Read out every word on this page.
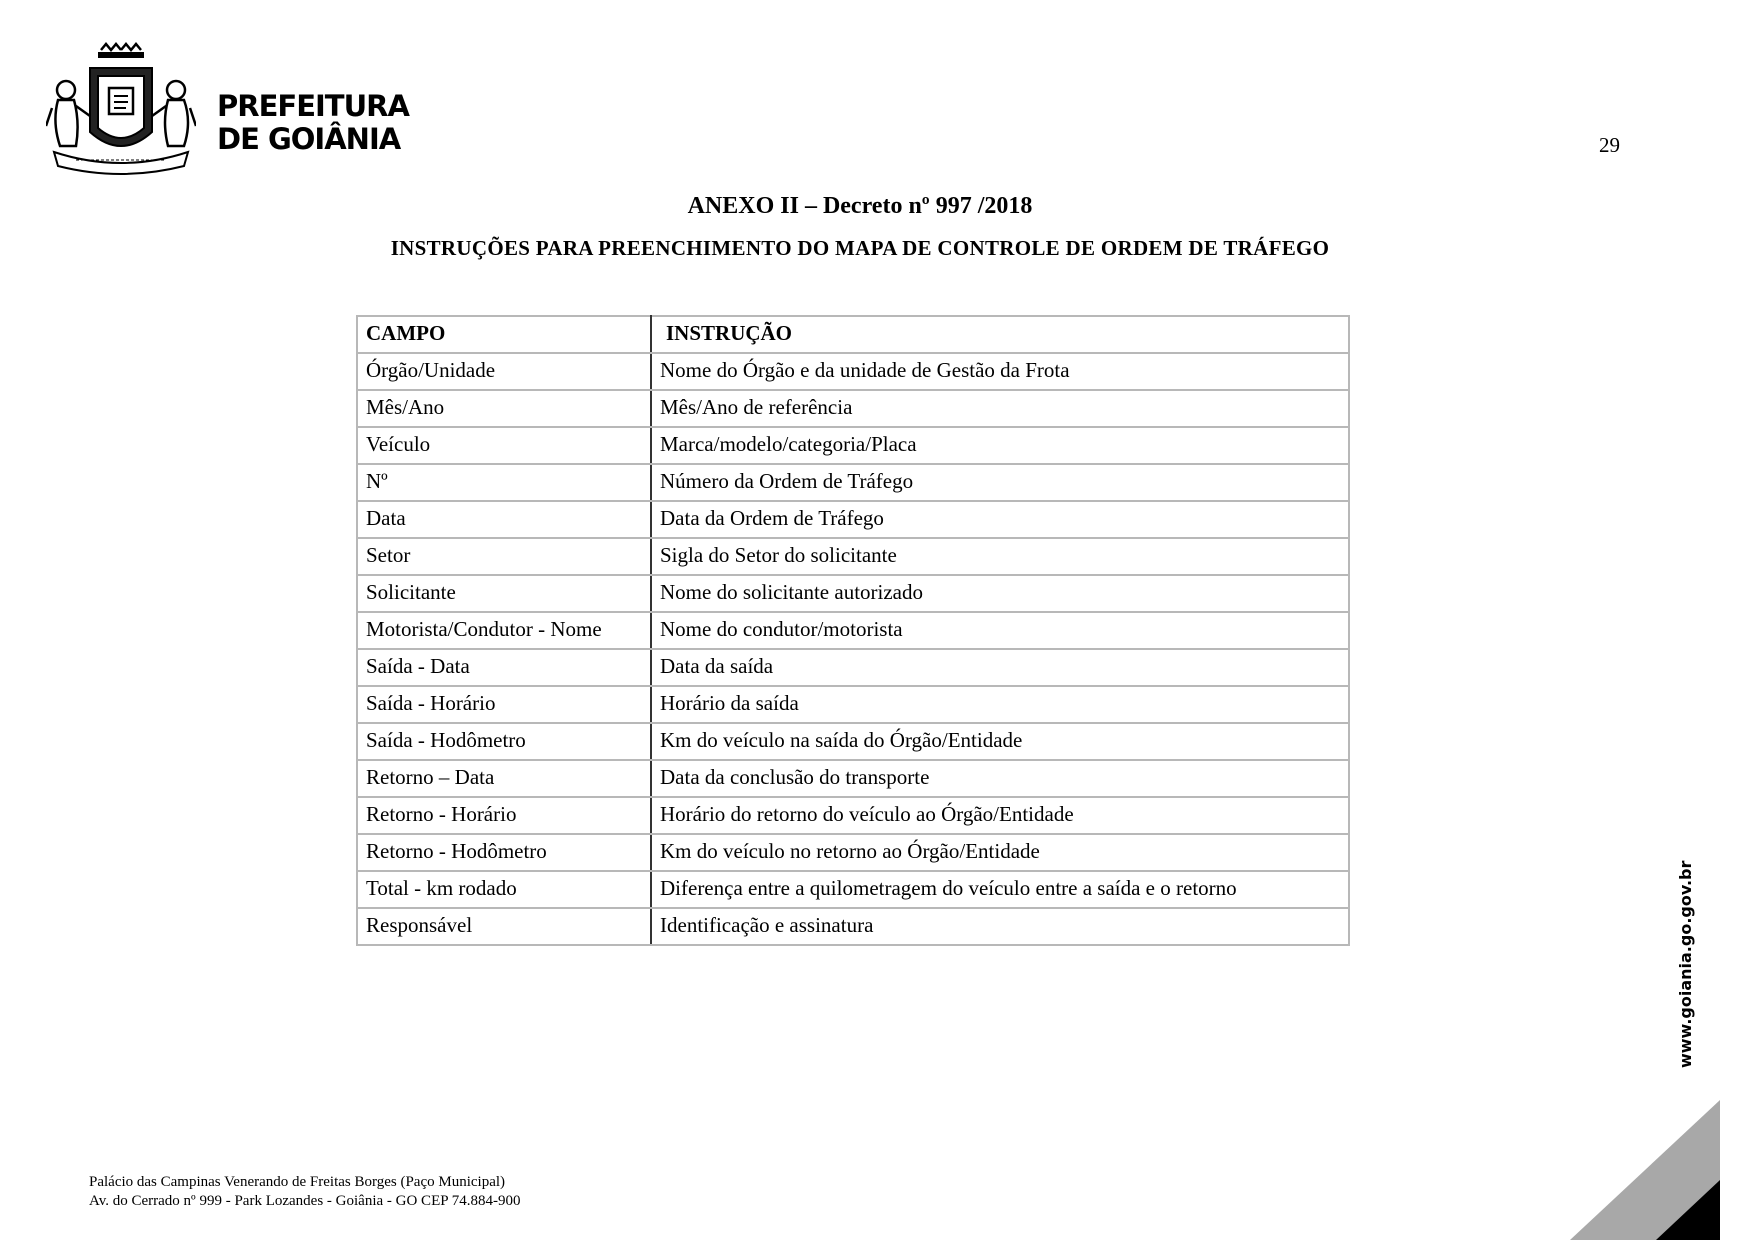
PREFEITURA
DE GOIÂNIA	29
ANEXO II – Decreto nº 997 /2018
INSTRUÇÕES PARA PREENCHIMENTO DO MAPA DE CONTROLE DE ORDEM DE TRÁFEGO
CAMPO	INSTRUÇÃO
Órgão/Unidade	Nome do Órgão e da unidade de Gestão da Frota
Mês/Ano	Mês/Ano de referência
Veículo	Marca/modelo/categoria/Placa
Nº	Número da Ordem de Tráfego
Data	Data da Ordem de Tráfego
Setor	Sigla do Setor do solicitante
Solicitante	Nome do solicitante autorizado
Motorista/Condutor - Nome	Nome do condutor/motorista
Saída - Data	Data da saída
Saída - Horário	Horário da saída
Saída - Hodômetro	Km do veículo na saída do Órgão/Entidade
Retorno – Data	Data da conclusão do transporte
Retorno - Horário	Horário do retorno do veículo ao Órgão/Entidade
Retorno - Hodômetro	Km do veículo no retorno ao Órgão/Entidade
Total - km rodado	Diferença entre a quilometragem do veículo entre a saída e o retorno
Responsável	Identificação e assinatura	www.goiania.go.gov.br
Palácio das Campinas Venerando de Freitas Borges (Paço Municipal)
Av. do Cerrado nº 999 - Park Lozandes - Goiânia - GO CEP 74.884-900
